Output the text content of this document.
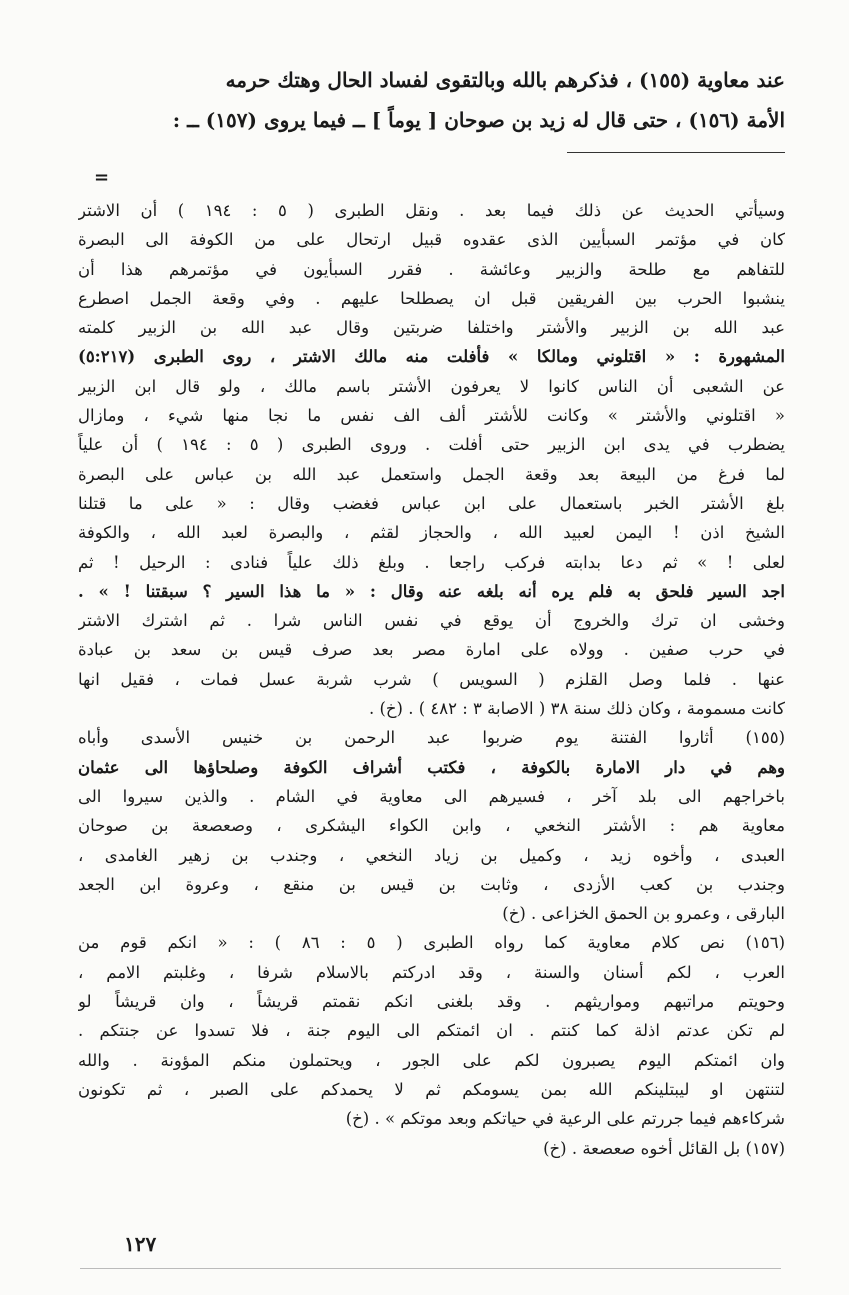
عند معاوية (١٥٥) ، فذكرهم بالله وبالتقوى لفساد الحال وهتك حرمه
الأمة (١٥٦) ، حتى قال له زيد بن صوحان [ يوماً ] ــ فيما يروى (١٥٧) ــ :
=
وسيأتي الحديث عن ذلك فيما بعد . ونقل الطبرى ( ٥ : ١٩٤ ) أن الاشتر
كان في مؤتمر السبأيين الذى عقدوه قبيل ارتحال على من الكوفة الى البصرة
للتفاهم مع طلحة والزبير وعائشة . فقرر السبأيون في مؤتمرهم هذا أن
ينشبوا الحرب بين الفريقين قبل ان يصطلحا عليهم . وفي وقعة الجمل اصطرع
عبد الله بن الزبير والأشتر واختلفا ضربتين وقال عبد الله بن الزبير كلمته
المشهورة : « اقتلوني ومالكا » فأفلت منه مالك الاشتر ، روى الطبرى (٥:٢١٧)
عن الشعبى أن الناس كانوا لا يعرفون الأشتر باسم مالك ، ولو قال ابن الزبير
« اقتلوني والأشتر » وكانت للأشتر ألف الف نفس ما نجا منها شيء ، ومازال
يضطرب في يدى ابن الزبير حتى أفلت . وروى الطبرى ( ٥ : ١٩٤ ) أن علياً
لما فرغ من البيعة بعد وقعة الجمل واستعمل عبد الله بن عباس على البصرة
بلغ الأشتر الخبر باستعمال على ابن عباس فغضب وقال : « على ما قتلنا
الشيخ اذن ! اليمن لعبيد الله ، والحجاز لقثم ، والبصرة لعبد الله ، والكوفة
لعلى ! » ثم دعا بدابته فركب راجعا . وبلغ ذلك علياً فنادى : الرحيل ! ثم
اجد السير فلحق به فلم يره أنه بلغه عنه وقال : « ما هذا السير ؟ سبقتنا ! » .
وخشى ان ترك والخروج أن يوقع في نفس الناس شرا . ثم اشترك الاشتر
في حرب صفين . وولاه على امارة مصر بعد صرف قيس بن سعد بن عبادة
عنها . فلما وصل القلزم ( السويس ) شرب شربة عسل فمات ، فقيل انها
كانت مسمومة ، وكان ذلك سنة ٣٨ ( الاصابة ٣ : ٤٨٢ ) . (خ) .
(١٥٥) أثاروا الفتنة يوم ضربوا عبد الرحمن بن خنيس الأسدى وأباه
وهم في دار الامارة بالكوفة ، فكتب أشراف الكوفة وصلحاؤها الى عثمان
باخراجهم الى بلد آخر ، فسيرهم الى معاوية في الشام . والذين سيروا الى
معاوية هم : الأشتر النخعي ، وابن الكواء اليشكرى ، وصعصعة بن صوحان
العبدى ، وأخوه زيد ، وكميل بن زياد النخعي ، وجندب بن زهير الغامدى ،
وجندب بن كعب الأزدى ، وثابت بن قيس بن منقع ، وعروة ابن الجعد
البارقى ، وعمرو بن الحمق الخزاعى . (خ)
(١٥٦) نص كلام معاوية كما رواه الطبرى ( ٥ : ٨٦ ) : « انكم قوم من
العرب ، لكم أسنان والسنة ، وقد ادركتم بالاسلام شرفا ، وغلبتم الامم ،
وحويتم مراتبهم ومواريثهم . وقد بلغنى انكم نقمتم قريشاً ، وان قريشاً لو
لم تكن عدتم اذلة كما كنتم . ان ائمتكم الى اليوم جنة ، فلا تسدوا عن جنتكم .
وان ائمتكم اليوم يصبرون لكم على الجور ، ويحتملون منكم المؤونة . والله
لتنتهن او ليبتلينكم الله بمن يسومكم ثم لا يحمدكم على الصبر ، ثم تكونون
شركاءهم فيما جررتم على الرعية في حياتكم وبعد موتكم » . (خ)
(١٥٧) بل القائل أخوه صعصعة . (خ)
١٢٧
